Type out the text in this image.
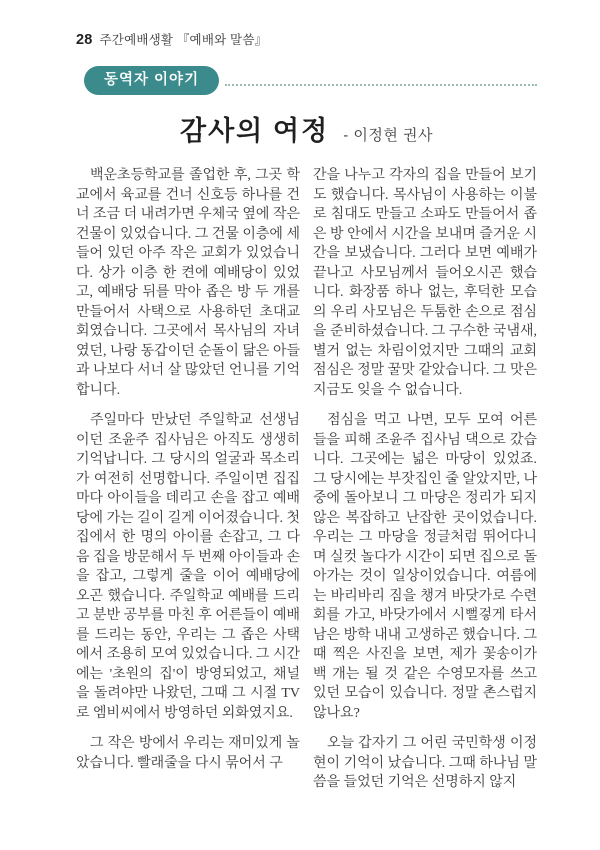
28 주간예배생활 『예배와 말씀』
동역자 이야기
감사의 여정 - 이정현 권사

백운초등학교를 졸업한 후, 그곳 학교에서 육교를 건너 신호등 하나를 건너 조금 더 내려가면 우체국 옆에 작은 건물이 있었습니다. 그 건물 이층에 세들어 있던 아주 작은 교회가 있었습니다. 상가 이층 한 켠에 예배당이 있었고, 예배당 뒤를 막아 좁은 방 두 개를 만들어서 사택으로 사용하던 초대교회였습니다. 그곳에서 목사님의 자녀였던, 나랑 동갑이던 순돌이 닮은 아들과 나보다 서너 살 많았던 언니를 기억합니다.

주일마다 만났던 주일학교 선생님이던 조윤주 집사님은 아직도 생생히 기억납니다. 그 당시의 얼굴과 목소리가 여전히 선명합니다. 주일이면 집집마다 아이들을 데리고 손을 잡고 예배당에 가는 길이 길게 이어졌습니다. 첫 집에서 한 명의 아이를 손잡고, 그 다음 집을 방문해서 두 번째 아이들과 손을 잡고, 그렇게 줄을 이어 예배당에 오곤 했습니다. 주일학교 예배를 드리고 분반 공부를 마친 후 어른들이 예배를 드리는 동안, 우리는 그 좁은 사택에서 조용히 모여 있었습니다. 그 시간에는 '초원의 집'이 방영되었고, 채널을 돌려야만 나왔던, 그때 그 시절 TV로 엠비씨에서 방영하던 외화였지요.

그 작은 방에서 우리는 재미있게 놀았습니다. 빨래줄을 다시 묶어서 구

간을 나누고 각자의 집을 만들어 보기도 했습니다. 목사님이 사용하는 이불로 침대도 만들고 소파도 만들어서 좁은 방 안에서 시간을 보내며 즐거운 시간을 보냈습니다. 그러다 보면 예배가 끝나고 사모님께서 들어오시곤 했습니다. 화장품 하나 없는, 후덕한 모습의 우리 사모님은 두툼한 손으로 점심을 준비하셨습니다. 그 구수한 국냄새, 별거 없는 차림이었지만 그때의 교회 점심은 정말 꿀맛 같았습니다. 그 맛은 지금도 잊을 수 없습니다.

점심을 먹고 나면, 모두 모여 어른들을 피해 조윤주 집사님 댁으로 갔습니다. 그곳에는 넓은 마당이 있었죠. 그 당시에는 부잣집인 줄 알았지만, 나중에 돌아보니 그 마당은 정리가 되지 않은 복잡하고 난잡한 곳이었습니다. 우리는 그 마당을 정글처럼 뛰어다니며 실컷 놀다가 시간이 되면 집으로 돌아가는 것이 일상이었습니다. 여름에는 바리바리 짐을 챙겨 바닷가로 수련회를 가고, 바닷가에서 시뻘겋게 타서 남은 방학 내내 고생하곤 했습니다. 그때 찍은 사진을 보면, 제가 꽃송이가 백 개는 될 것 같은 수영모자를 쓰고 있던 모습이 있습니다. 정말 촌스럽지 않나요?

오늘 갑자기 그 어린 국민학생 이정현이 기억이 났습니다. 그때 하나님 말씀을 들었던 기억은 선명하지 않지
